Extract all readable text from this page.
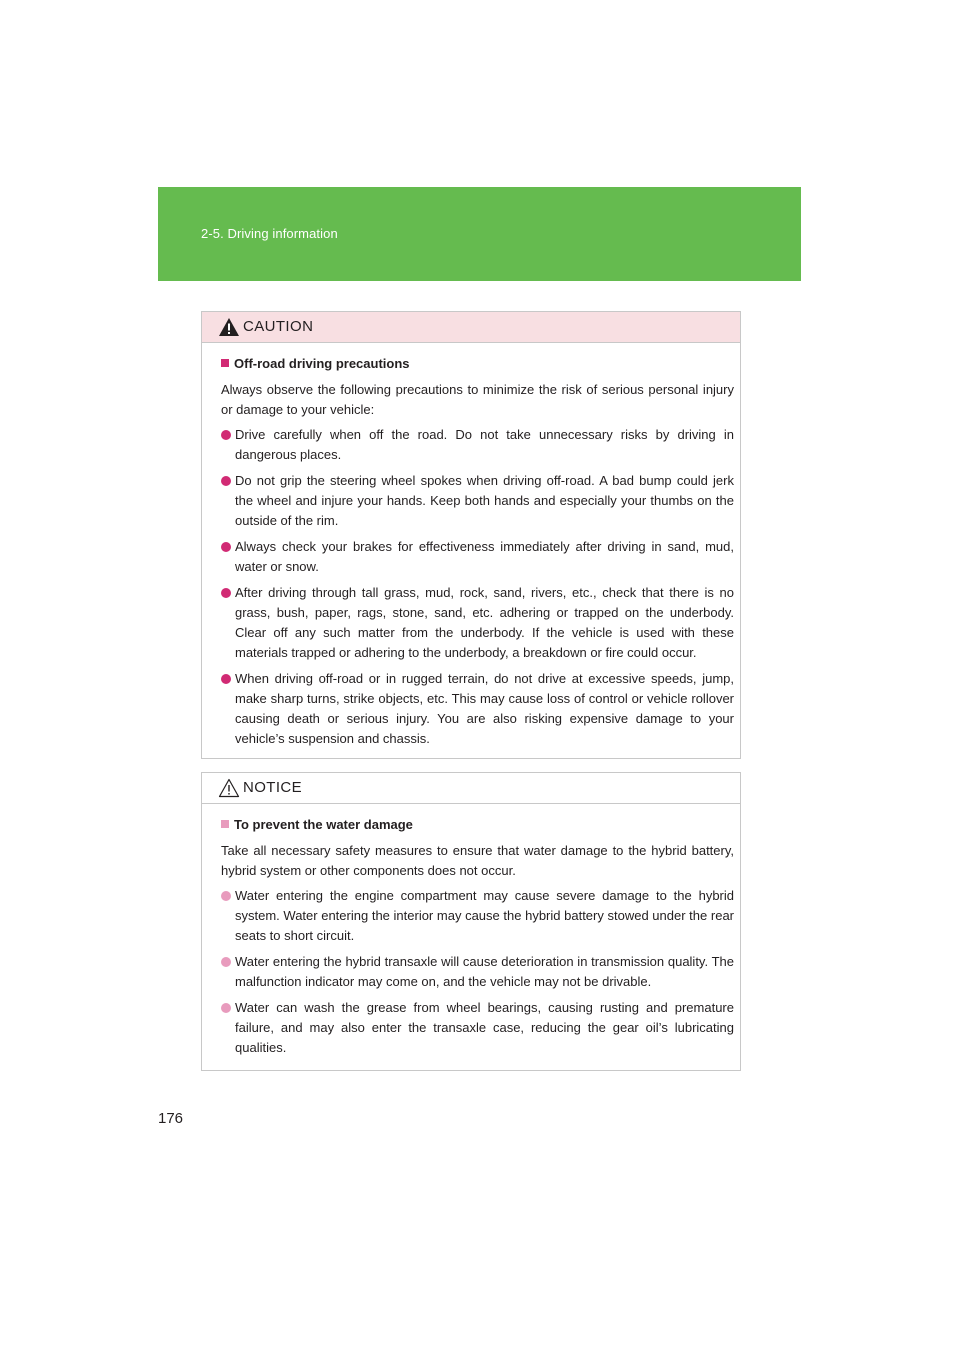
2-5. Driving information
CAUTION
Off-road driving precautions

Always observe the following precautions to minimize the risk of serious personal injury or damage to your vehicle:

Drive carefully when off the road. Do not take unnecessary risks by driving in dangerous places.
Do not grip the steering wheel spokes when driving off-road. A bad bump could jerk the wheel and injure your hands. Keep both hands and especially your thumbs on the outside of the rim.
Always check your brakes for effectiveness immediately after driving in sand, mud, water or snow.
After driving through tall grass, mud, rock, sand, rivers, etc., check that there is no grass, bush, paper, rags, stone, sand, etc. adhering or trapped on the underbody. Clear off any such matter from the underbody. If the vehicle is used with these materials trapped or adhering to the underbody, a breakdown or fire could occur.
When driving off-road or in rugged terrain, do not drive at excessive speeds, jump, make sharp turns, strike objects, etc. This may cause loss of control or vehicle rollover causing death or serious injury. You are also risking expensive damage to your vehicle’s suspension and chassis.
NOTICE
To prevent the water damage

Take all necessary safety measures to ensure that water damage to the hybrid battery, hybrid system or other components does not occur.

Water entering the engine compartment may cause severe damage to the hybrid system. Water entering the interior may cause the hybrid battery stowed under the rear seats to short circuit.
Water entering the hybrid transaxle will cause deterioration in transmission quality. The malfunction indicator may come on, and the vehicle may not be drivable.
Water can wash the grease from wheel bearings, causing rusting and premature failure, and may also enter the transaxle case, reducing the gear oil’s lubricating qualities.
176
